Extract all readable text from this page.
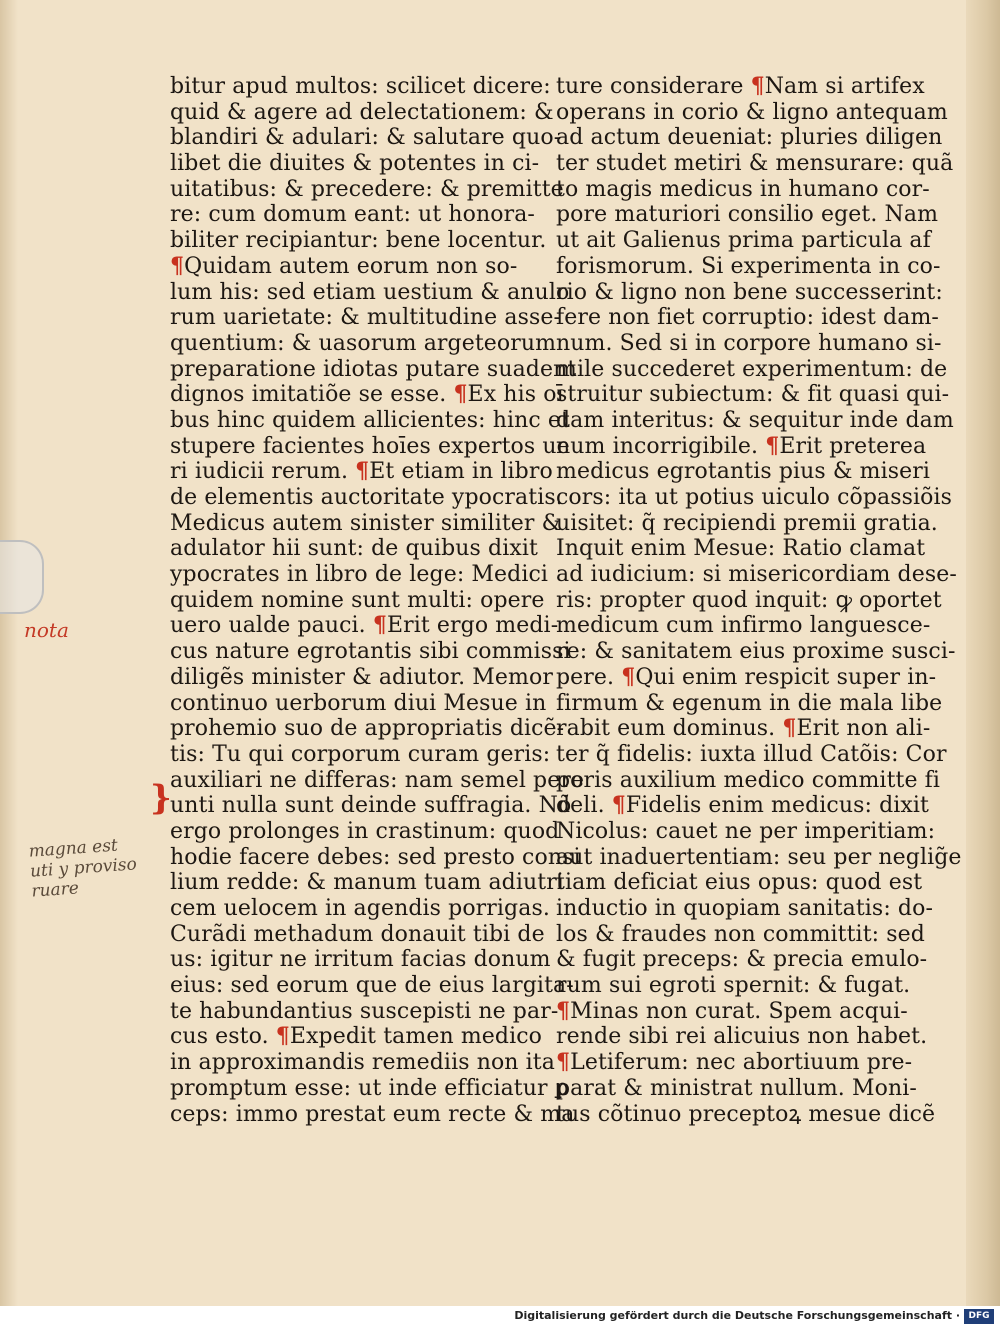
bitur apud multos: scilicet dicere:
quid & agere ad delectationem: &
blandiri & adulari: & salutare quo-
libet die diuites & potentes in ci-
uitatibus: & precedere: & premitte
re: cum domum eant: ut honora-
biliter recipiantur: bene locentur.
¶Quidam autem eorum non so-
lum his: sed etiam uestium & anulo
rum uarietate: & multitudine asse-
quentium: & uasorum argeteorum
preparatione idiotas putare suadent
dignos imitatiõe se esse. ¶Ex his oī
bus hinc quidem allicientes: hinc et
stupere facientes hoīes expertos ue
ri iudicii rerum. ¶Et etiam in libro
de elementis auctoritate ypocratis.
Medicus autem sinister similiter &
adulator hii sunt: de quibus dixit
ypocrates in libro de lege: Medici
quidem nomine sunt multi: opere
uero ualde pauci. ¶Erit ergo medi-
cus nature egrotantis sibi commissi
diligẽs minister & adiutor. Memor
continuo uerborum diui Mesue in
prohemio suo de appropriatis dicẽ-
tis: Tu qui corporum curam geris:
auxiliari ne differas: nam semel pere
unti nulla sunt deinde suffragia. Nõ
ergo prolonges in crastinum: quod
hodie facere debes: sed presto consi
lium redde: & manum tuam adiutri
cem uelocem in agendis porrigas.
Curãdi methadum donauit tibi de
us: igitur ne irritum facias donum
eius: sed eorum que de eius largita-
te habundantius suscepisti ne par-
cus esto. ¶Expedit tamen medico
in approximandis remediis non ita
promptum esse: ut inde efficiatur ꝑ
ceps: immo prestat eum recte & ma
ture considerare ¶Nam si artifex
operans in corio & ligno antequam
ad actum deueniat: pluries diligen
ter studet metiri & mensurare: quã
to magis medicus in humano cor-
pore maturiori consilio eget. Nam
ut ait Galienus prima particula af
forismorum. Si experimenta in co-
rio & ligno non bene successerint:
fere non fiet corruptio: idest dam-
num. Sed si in corpore humano si-
mile succederet experimentum: de
struitur subiectum: & fit quasi qui-
dam interitus: & sequitur inde dam
num incorrigibile. ¶Erit preterea
medicus egrotantis pius & miseri
cors: ita ut potius uiculo cõpassiõis
uisitet: q̃ recipiendi premii gratia.
Inquit enim Mesue: Ratio clamat
ad iudicium: si misericordiam dese-
ris: propter quod inquit: ꝙ oportet
medicum cum infirmo languesce-
re: & sanitatem eius proxime susci-
pere. ¶Qui enim respicit super in-
firmum & egenum in die mala libe
rabit eum dominus. ¶Erit non ali-
ter q̃ fidelis: iuxta illud Catõis: Cor
poris auxilium medico committe fi
deli. ¶Fidelis enim medicus: dixit
Nicolus: cauet ne per imperitiam:
aut inaduertentiam: seu per neglig̃e
tiam deficiat eius opus: quod est
inductio in quopiam sanitatis: do-
los & fraudes non committit: sed
& fugit preceps: & precia emulo-
rum sui egroti spernit: & fugat.
¶Minas non curat. Spem acqui-
rende sibi rei alicuius non habet.
¶Letiferum: nec abortiuum pre-
parat & ministrat nullum. Moni-
tus cõtinuo preceptoꝝ mesue dicẽ
nota
magna est
uti y proviso
ruare
}
Digitalisierung gefördert durch die Deutsche Forschungsgemeinschaft · DFG
